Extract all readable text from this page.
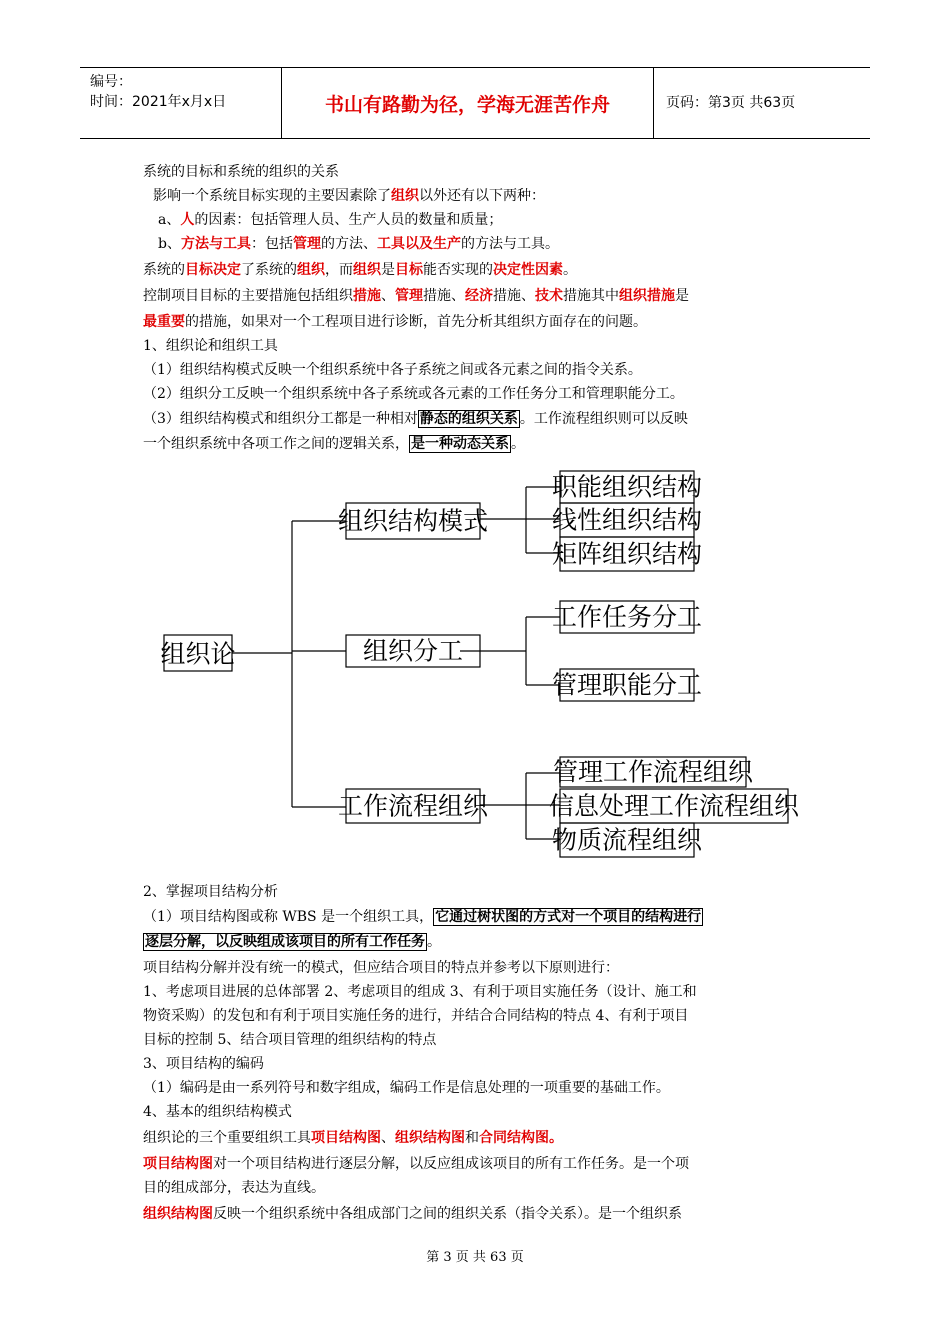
编号：
时间：2021年x月x日	书山有路勤为径，学海无涯苦作舟	页码：第3页 共63页
系统的目标和系统的组织的关系
影响一个系统目标实现的主要因素除了组织以外还有以下两种：
a、人的因素：包括管理人员、生产人员的数量和质量；
b、方法与工具：包括管理的方法、工具以及生产的方法与工具。
系统的目标决定了系统的组织，而组织是目标能否实现的决定性因素。
控制项目目标的主要措施包括组织措施、管理措施、经济措施、技术措施其中组织措施是
最重要的措施，如果对一个工程项目进行诊断，首先分析其组织方面存在的问题。
1、组织论和组织工具
（1）组织结构模式反映一个组织系统中各子系统之间或各元素之间的指令关系。
（2）组织分工反映一个组织系统中各子系统或各元素的工作任务分工和管理职能分工。
（3）组织结构模式和组织分工都是一种相对 静态的组织关系 。工作流程组织则可以反映
一个组织系统中各项工作之间的逻辑关系， 是一种动态关系 。
2、掌握项目结构分析
（1）项目结构图或称 WBS 是一个组织工具， 它通过树状图的方式对一个项目的结构进行
逐层分解，以反映组成该项目的所有工作任务 。
项目结构分解并没有统一的模式，但应结合项目的特点并参考以下原则进行：
1、考虑项目进展的总体部署 2、考虑项目的组成 3、有利于项目实施任务（设计、施工和
物资采购）的发包和有利于项目实施任务的进行，并结合合同结构的特点 4、有利于项目
目标的控制 5、结合项目管理的组织结构的特点
3、项目结构的编码
（1）编码是由一系列符号和数字组成，编码工作是信息处理的一项重要的基础工作。
4、基本的组织结构模式
组织论的三个重要组织工具项目结构图、组织结构图和合同结构图。
项目结构图对一个项目结构进行逐层分解，以反应组成该项目的所有工作任务。是一个项
目的组成部分，表达为直线。
组织结构图反映一个组织系统中各组成部门之间的组织关系（指令关系）。是一个组织系
组织论
组织结构模式
组织分工
工作流程组织
职能组织结构
线性组织结构
矩阵组织结构
工作任务分工
管理职能分工
管理工作流程组织
信息处理工作流程组织
物质流程组织
第 3 页 共 63 页
